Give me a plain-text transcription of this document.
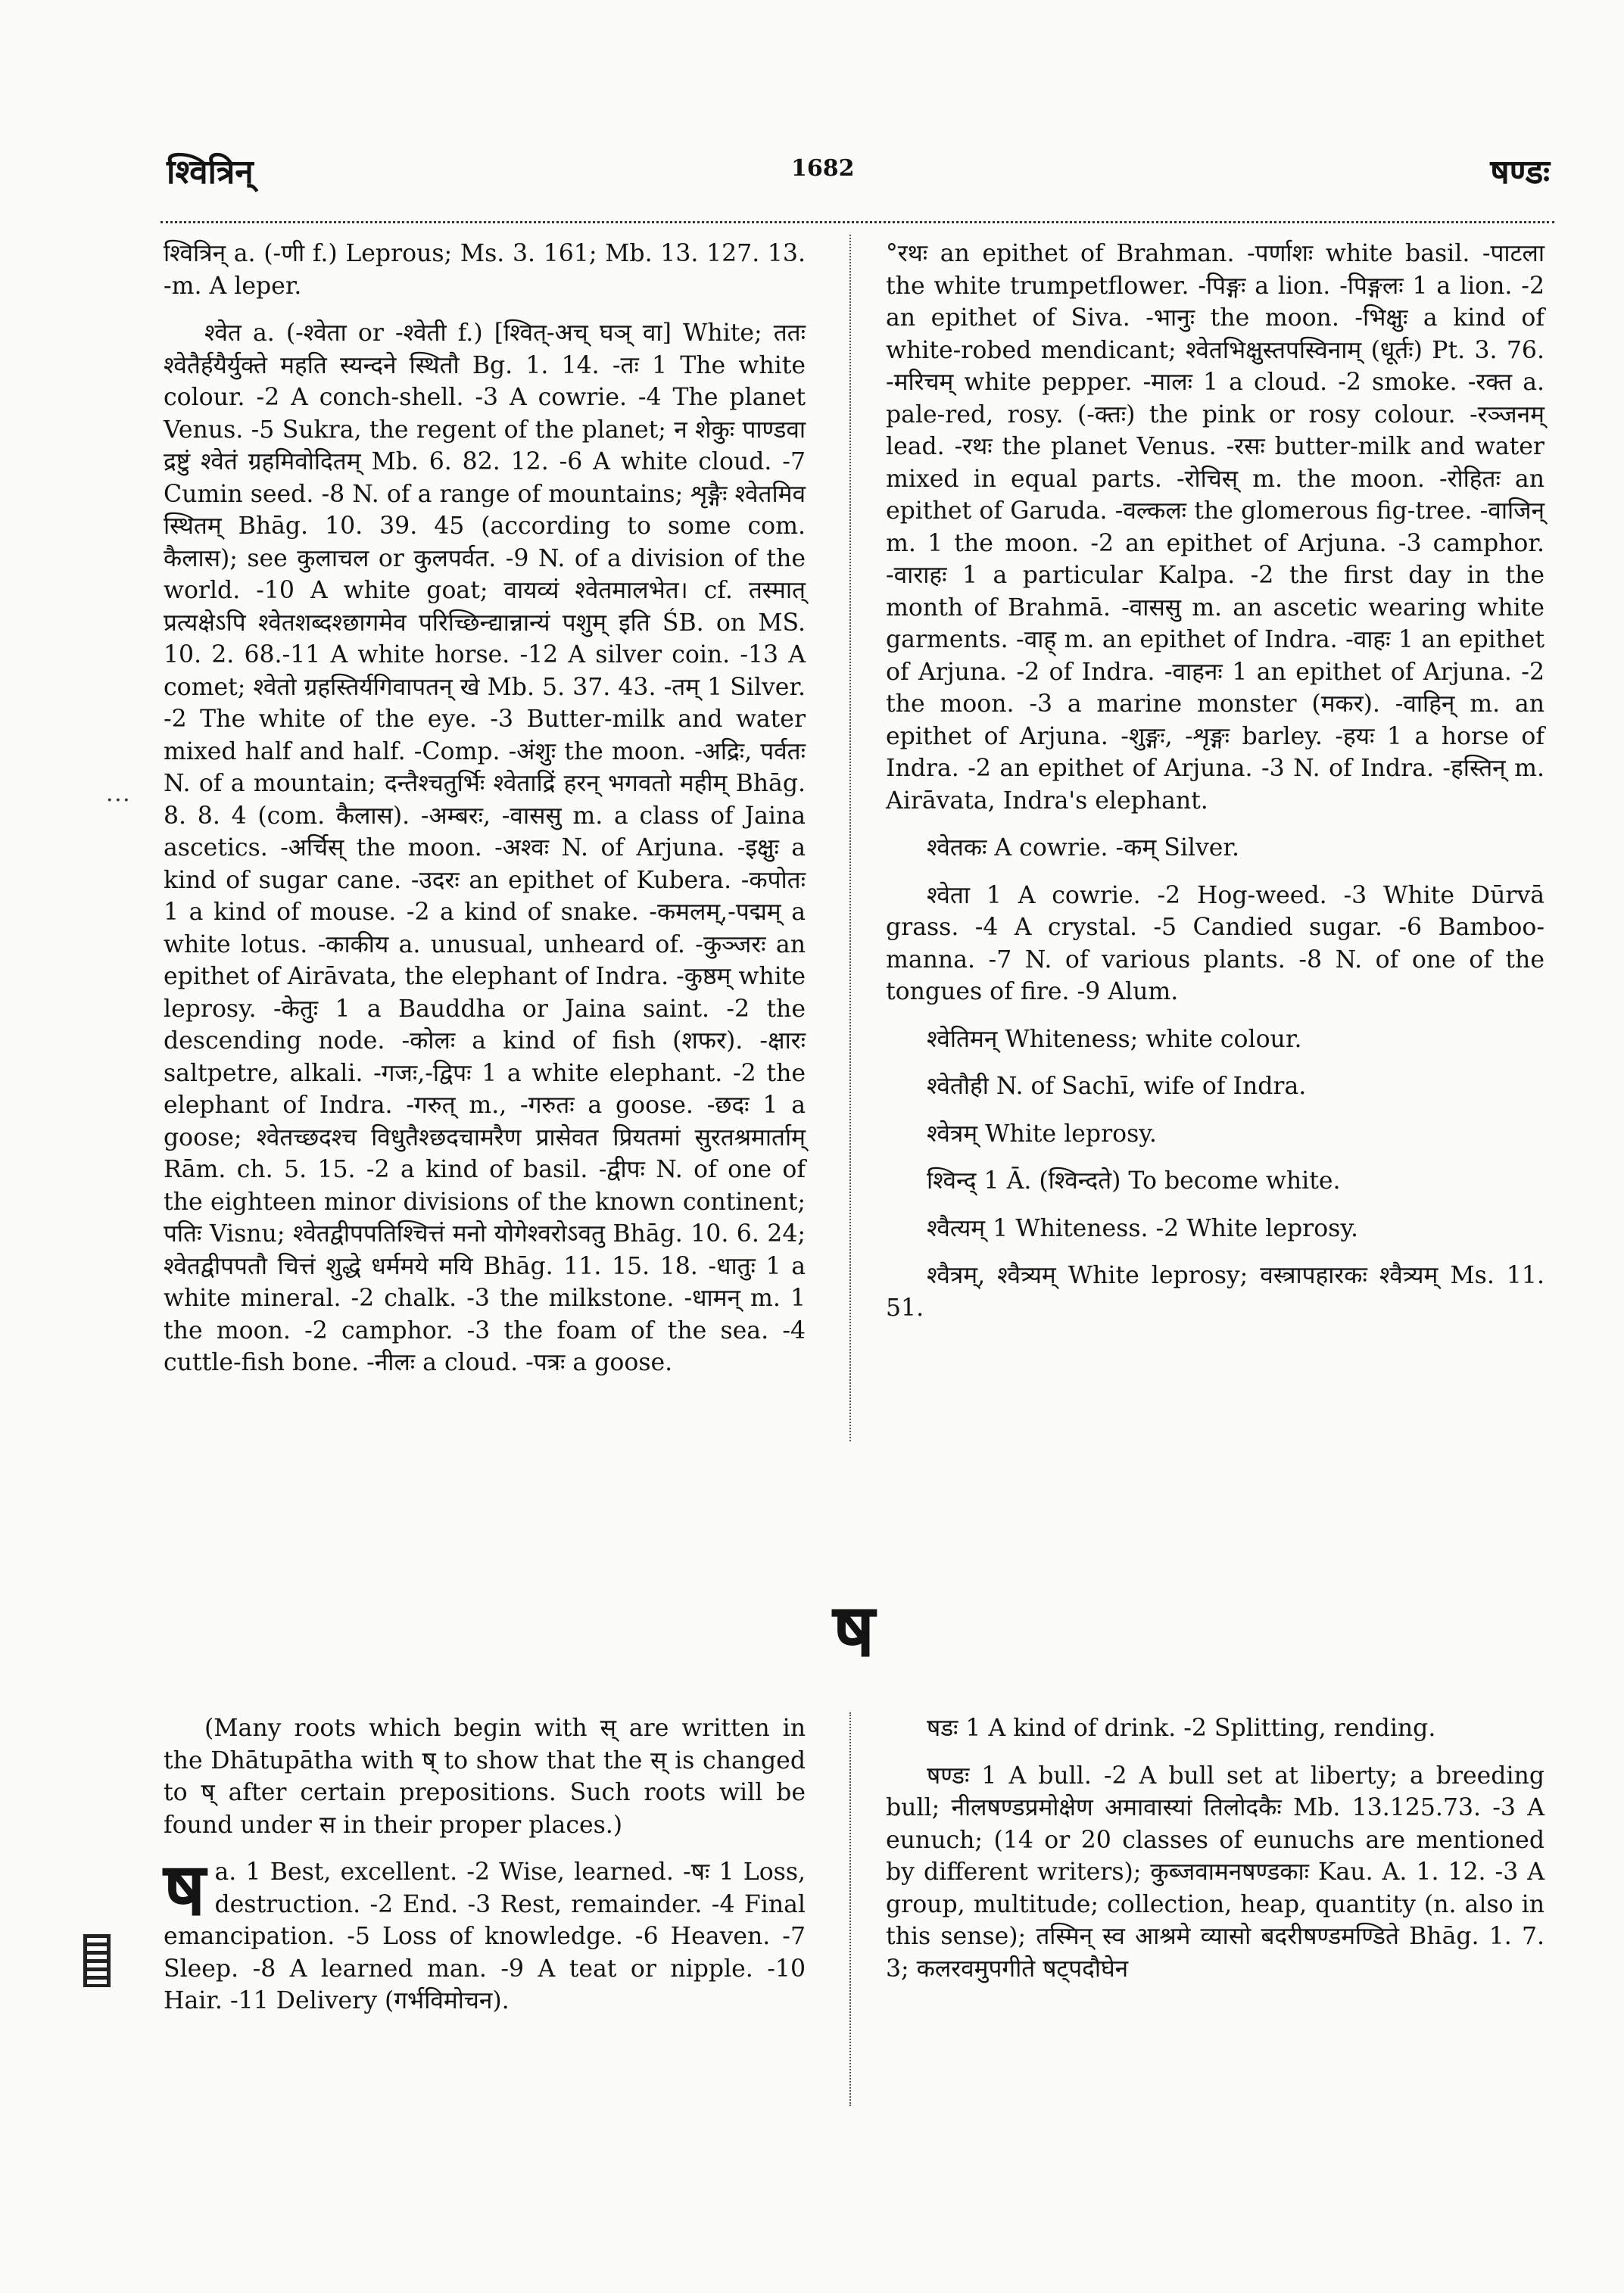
श्वित्रिन्	1682	षण्डः

श्वित्रिन् a. (-णी f.) Leprous; Ms. 3. 161; Mb. 13. 127. 13. -m. A leper.

श्वेत a. (-श्वेता or -श्वेती f.) [श्वित्-अच् घञ् वा] White; ततः श्वेतैर्हयैर्युक्ते महति स्यन्दने स्थितौ Bg. 1. 14. -तः 1 The white colour. -2 A conch-shell. -3 A cowrie. -4 The planet Venus. -5 Sukra, the regent of the planet; न शेकुः पाण्डवा द्रष्टुं श्वेतं ग्रहमिवोदितम् Mb. 6. 82. 12. -6 A white cloud. -7 Cumin seed. -8 N. of a range of mountains; शृङ्गैः श्वेतमिव स्थितम् Bhāg. 10. 39. 45 (according to some com. कैलास); see कुलाचल or कुलपर्वत. -9 N. of a division of the world. -10 A white goat; वायव्यं श्वेतमालभेत। cf. तस्मात् प्रत्यक्षेऽपि श्वेतशब्दश्छागमेव परिच्छिन्द्यान्नान्यं पशुम् इति ŚB. on MS. 10. 2. 68.-11 A white horse. -12 A silver coin. -13 A comet; श्वेतो ग्रहस्तिर्यगिवापतन् खे Mb. 5. 37. 43. -तम् 1 Silver. -2 The white of the eye. -3 Butter-milk and water mixed half and half. -Comp. -अंशुः the moon. -अद्रिः, पर्वतः N. of a mountain; दन्तैश्चतुर्भिः श्वेताद्रिं हरन् भगवतो महीम् Bhāg. 8. 8. 4 (com. कैलास). -अम्बरः, -वाससु m. a class of Jaina ascetics. -अर्चिस् the moon. -अश्वः N. of Arjuna. -इक्षुः a kind of sugar cane. -उदरः an epithet of Kubera. -कपोतः 1 a kind of mouse. -2 a kind of snake. -कमलम्,-पद्मम् a white lotus. -काकीय a. unusual, unheard of. -कुञ्जरः an epithet of Airāvata, the elephant of Indra. -कुष्ठम् white leprosy. -केतुः 1 a Bauddha or Jaina saint. -2 the descending node. -कोलः a kind of fish (शफर). -क्षारः saltpetre, alkali. -गजः,-द्विपः 1 a white elephant. -2 the elephant of Indra. -गरुत् m., -गरुतः a goose. -छदः 1 a goose; श्वेतच्छदश्च विधुतैश्छदचामरैण प्रासेवत प्रियतमां सुरतश्रमार्ताम् Rām. ch. 5. 15. -2 a kind of basil. -द्वीपः N. of one of the eighteen minor divisions of the known continent; पतिः Visnu; श्वेतद्वीपपतिश्चित्तं मनो योगेश्वरोऽवतु Bhāg. 10. 6. 24; श्वेतद्वीपपतौ चित्तं शुद्धे धर्ममये मयि Bhāg. 11. 15. 18. -धातुः 1 a white mineral. -2 chalk. -3 the milkstone. -धामन् m. 1 the moon. -2 camphor. -3 the foam of the sea. -4 cuttle-fish bone. -नीलः a cloud. -पत्रः a goose.

· · ·

°रथः an epithet of Brahman. -पर्णाशः white basil. -पाटला the white trumpetflower. -पिङ्गः a lion. -पिङ्गलः 1 a lion. -2 an epithet of Siva. -भानुः the moon. -भिक्षुः a kind of white-robed mendicant; श्वेतभिक्षुस्तपस्विनाम् (धूर्तः) Pt. 3. 76. -मरिचम् white pepper. -मालः 1 a cloud. -2 smoke. -रक्त a. pale-red, rosy. (-क्तः) the pink or rosy colour. -रञ्जनम् lead. -रथः the planet Venus. -रसः butter-milk and water mixed in equal parts. -रोचिस् m. the moon. -रोहितः an epithet of Garuda. -वल्कलः the glomerous fig-tree. -वाजिन् m. 1 the moon. -2 an epithet of Arjuna. -3 camphor. -वाराहः 1 a particular Kalpa. -2 the first day in the month of Brahmā. -वाससु m. an ascetic wearing white garments. -वाह् m. an epithet of Indra. -वाहः 1 an epithet of Arjuna. -2 of Indra. -वाहनः 1 an epithet of Arjuna. -2 the moon. -3 a marine monster (मकर). -वाहिन् m. an epithet of Arjuna. -शुङ्गः, -शृङ्गः barley. -हयः 1 a horse of Indra. -2 an epithet of Arjuna. -3 N. of Indra. -हस्तिन् m. Airāvata, Indra's elephant.

श्वेतकः A cowrie. -कम् Silver.

श्वेता 1 A cowrie. -2 Hog-weed. -3 White Dūrvā grass. -4 A crystal. -5 Candied sugar. -6 Bamboo-manna. -7 N. of various plants. -8 N. of one of the tongues of fire. -9 Alum.

श्वेतिमन् Whiteness; white colour.

श्वेतौही N. of Sachī, wife of Indra.

श्वेत्रम् White leprosy.

श्विन्द् 1 Ā. (श्विन्दते) To become white.

श्वैत्यम् 1 Whiteness. -2 White leprosy.

श्वैत्रम्, श्वैत्र्यम् White leprosy; वस्त्रापहारकः श्वैत्र्यम् Ms. 11. 51.

ष

(Many roots which begin with स् are written in the Dhātupātha with ष् to show that the स् is changed to ष् after certain prepositions. Such roots will be found under स in their proper places.)

षa. 1 Best, excellent. -2 Wise, learned. -षः 1 Loss, destruction. -2 End. -3 Rest, remainder. -4 Final emancipation. -5 Loss of knowledge. -6 Heaven. -7 Sleep. -8 A learned man. -9 A teat or nipple. -10 Hair. -11 Delivery (गर्भविमोचन).

षडः 1 A kind of drink. -2 Splitting, rending.

षण्डः 1 A bull. -2 A bull set at liberty; a breeding bull; नीलषण्डप्रमोक्षेण अमावास्यां तिलोदकैः Mb. 13.125.73. -3 A eunuch; (14 or 20 classes of eunuchs are mentioned by different writers); कुब्जवामनषण्डकाः Kau. A. 1. 12. -3 A group, multitude; collection, heap, quantity (n. also in this sense); तस्मिन् स्व आश्रमे व्यासो बदरीषण्डमण्डिते Bhāg. 1. 7. 3; कलरवमुपगीते षट्पदौघेन
